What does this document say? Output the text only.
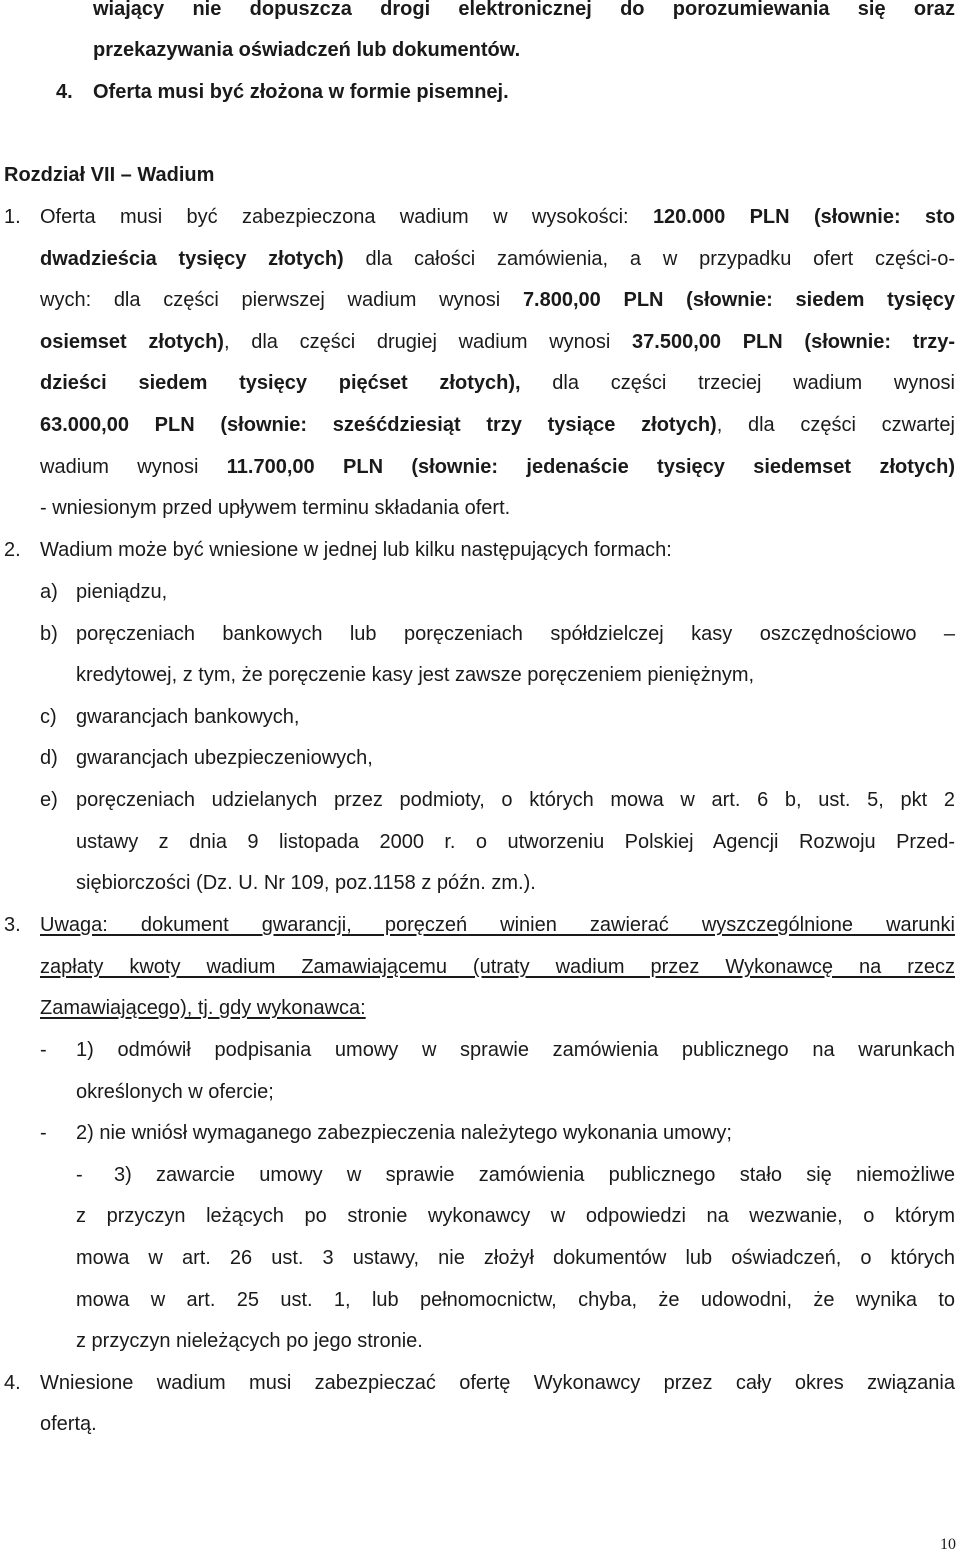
wiający nie dopuszcza drogi elektronicznej do porozumiewania się oraz
przekazywania oświadczeń lub dokumentów.
4. Oferta musi być złożona w formie pisemnej.
Rozdział VII – Wadium
1. Oferta musi być zabezpieczona wadium w wysokości: 120.000 PLN (słownie: sto
dwadzieścia tysięcy złotych) dla całości zamówienia, a w przypadku ofert części-o-
wych: dla części pierwszej wadium wynosi 7.800,00 PLN (słownie: siedem tysięcy
osiemset złotych), dla części drugiej wadium wynosi 37.500,00 PLN (słownie: trzy-
dzieści siedem tysięcy pięćset złotych), dla części trzeciej wadium wynosi
63.000,00 PLN (słownie: sześćdziesiąt trzy tysiące złotych), dla części czwartej
wadium wynosi 11.700,00 PLN (słownie: jedenaście tysięcy siedemset złotych)
- wniesionym przed upływem terminu składania ofert.
2. Wadium może być wniesione w jednej lub kilku następujących formach:
a) pieniądzu,
b) poręczeniach bankowych lub poręczeniach spółdzielczej kasy oszczędnościowo –
kredytowej, z tym, że poręczenie kasy jest zawsze poręczeniem pieniężnym,
c) gwarancjach bankowych,
d) gwarancjach ubezpieczeniowych,
e) poręczeniach udzielanych przez podmioty, o których mowa w art. 6 b, ust. 5, pkt 2
ustawy z dnia 9 listopada 2000 r. o utworzeniu Polskiej Agencji Rozwoju Przed-
siębiorczości (Dz. U. Nr 109, poz.1158 z późn. zm.).
3. Uwaga: dokument gwarancji, poręczeń winien zawierać wyszczególnione warunki
zapłaty kwoty wadium Zamawiającemu (utraty wadium przez Wykonawcę na rzecz
Zamawiającego), tj. gdy wykonawca:
- 1) odmówił podpisania umowy w sprawie zamówienia publicznego na warunkach
określonych w ofercie;
- 2) nie wniósł wymaganego zabezpieczenia należytego wykonania umowy;
- 3) zawarcie umowy w sprawie zamówienia publicznego stało się niemożliwe
z przyczyn leżących po stronie wykonawcy w odpowiedzi na wezwanie, o którym
mowa w art. 26 ust. 3 ustawy, nie złożył dokumentów lub oświadczeń, o których
mowa w art. 25 ust. 1, lub pełnomocnictw, chyba, że udowodni, że wynika to
z przyczyn nieleżących po jego stronie.
4. Wniesione wadium musi zabezpieczać ofertę Wykonawcy przez cały okres związania
ofertą.
10
